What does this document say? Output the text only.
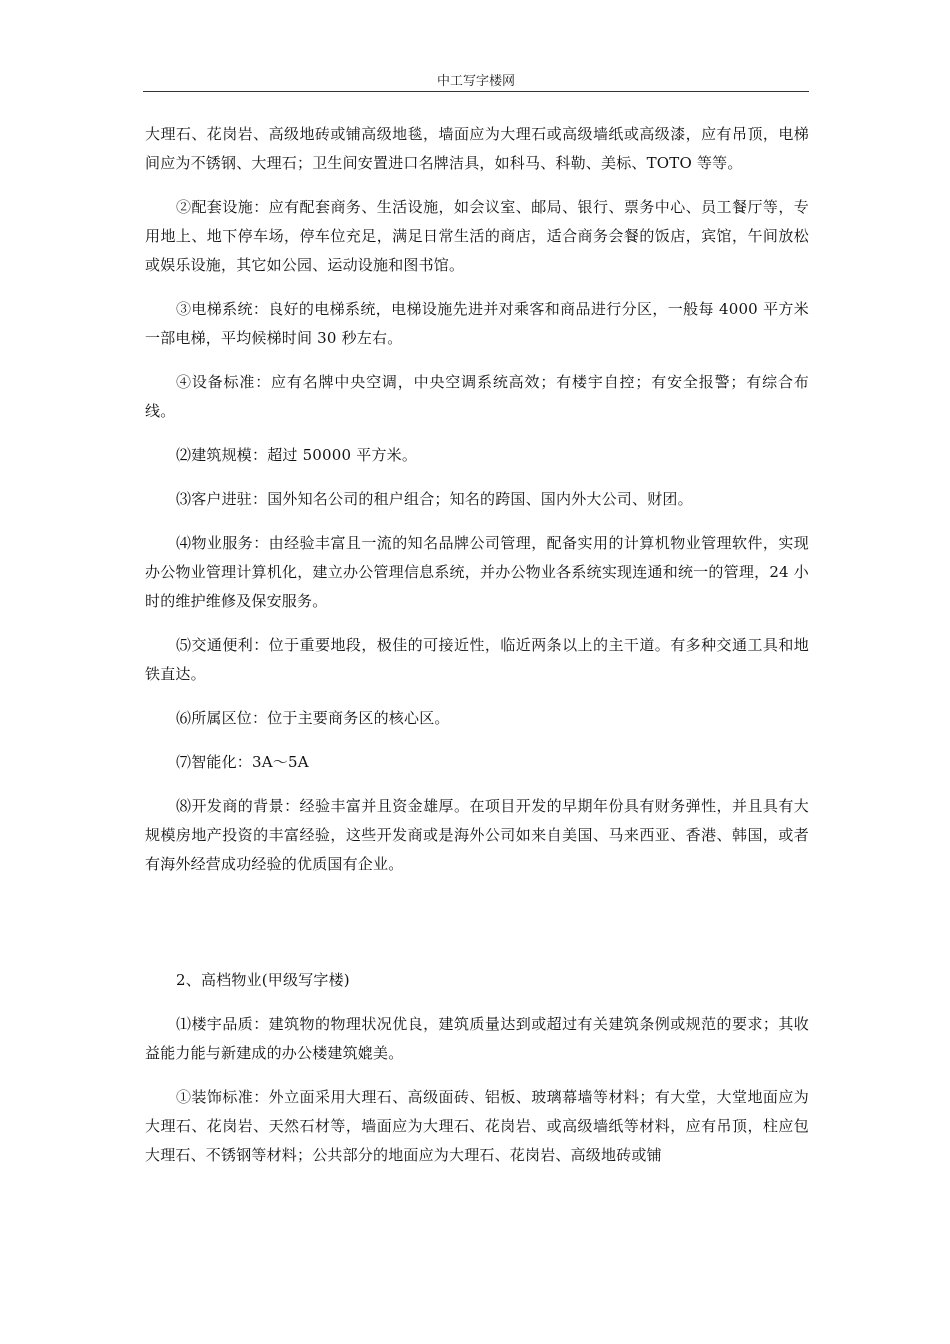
中工写字楼网

大理石、花岗岩、高级地砖或铺高级地毯，墙面应为大理石或高级墙纸或高级漆，应有吊顶，电梯间应为不锈钢、大理石；卫生间安置进口名牌洁具，如科马、科勒、美标、TOTO 等等。

②配套设施：应有配套商务、生活设施，如会议室、邮局、银行、票务中心、员工餐厅等，专用地上、地下停车场，停车位充足，满足日常生活的商店，适合商务会餐的饭店，宾馆，午间放松或娱乐设施，其它如公园、运动设施和图书馆。

③电梯系统：良好的电梯系统，电梯设施先进并对乘客和商品进行分区，一般每 4000 平方米一部电梯，平均候梯时间 30 秒左右。

④设备标准：应有名牌中央空调，中央空调系统高效；有楼宇自控；有安全报警；有综合布线。

⑵建筑规模：超过 50000 平方米。

⑶客户进驻：国外知名公司的租户组合；知名的跨国、国内外大公司、财团。

⑷物业服务：由经验丰富且一流的知名品牌公司管理，配备实用的计算机物业管理软件，实现办公物业管理计算机化，建立办公管理信息系统，并办公物业各系统实现连通和统一的管理，24 小时的维护维修及保安服务。

⑸交通便利：位于重要地段，极佳的可接近性，临近两条以上的主干道。有多种交通工具和地铁直达。

⑹所属区位：位于主要商务区的核心区。

⑺智能化：3A～5A

⑻开发商的背景：经验丰富并且资金雄厚。在项目开发的早期年份具有财务弹性，并且具有大规模房地产投资的丰富经验，这些开发商或是海外公司如来自美国、马来西亚、香港、韩国，或者有海外经营成功经验的优质国有企业。

2、高档物业(甲级写字楼)

⑴楼宇品质：建筑物的物理状况优良，建筑质量达到或超过有关建筑条例或规范的要求；其收益能力能与新建成的办公楼建筑媲美。

①装饰标准：外立面采用大理石、高级面砖、铝板、玻璃幕墙等材料；有大堂，大堂地面应为大理石、花岗岩、天然石材等，墙面应为大理石、花岗岩、或高级墙纸等材料，应有吊顶，柱应包大理石、不锈钢等材料；公共部分的地面应为大理石、花岗岩、高级地砖或铺
